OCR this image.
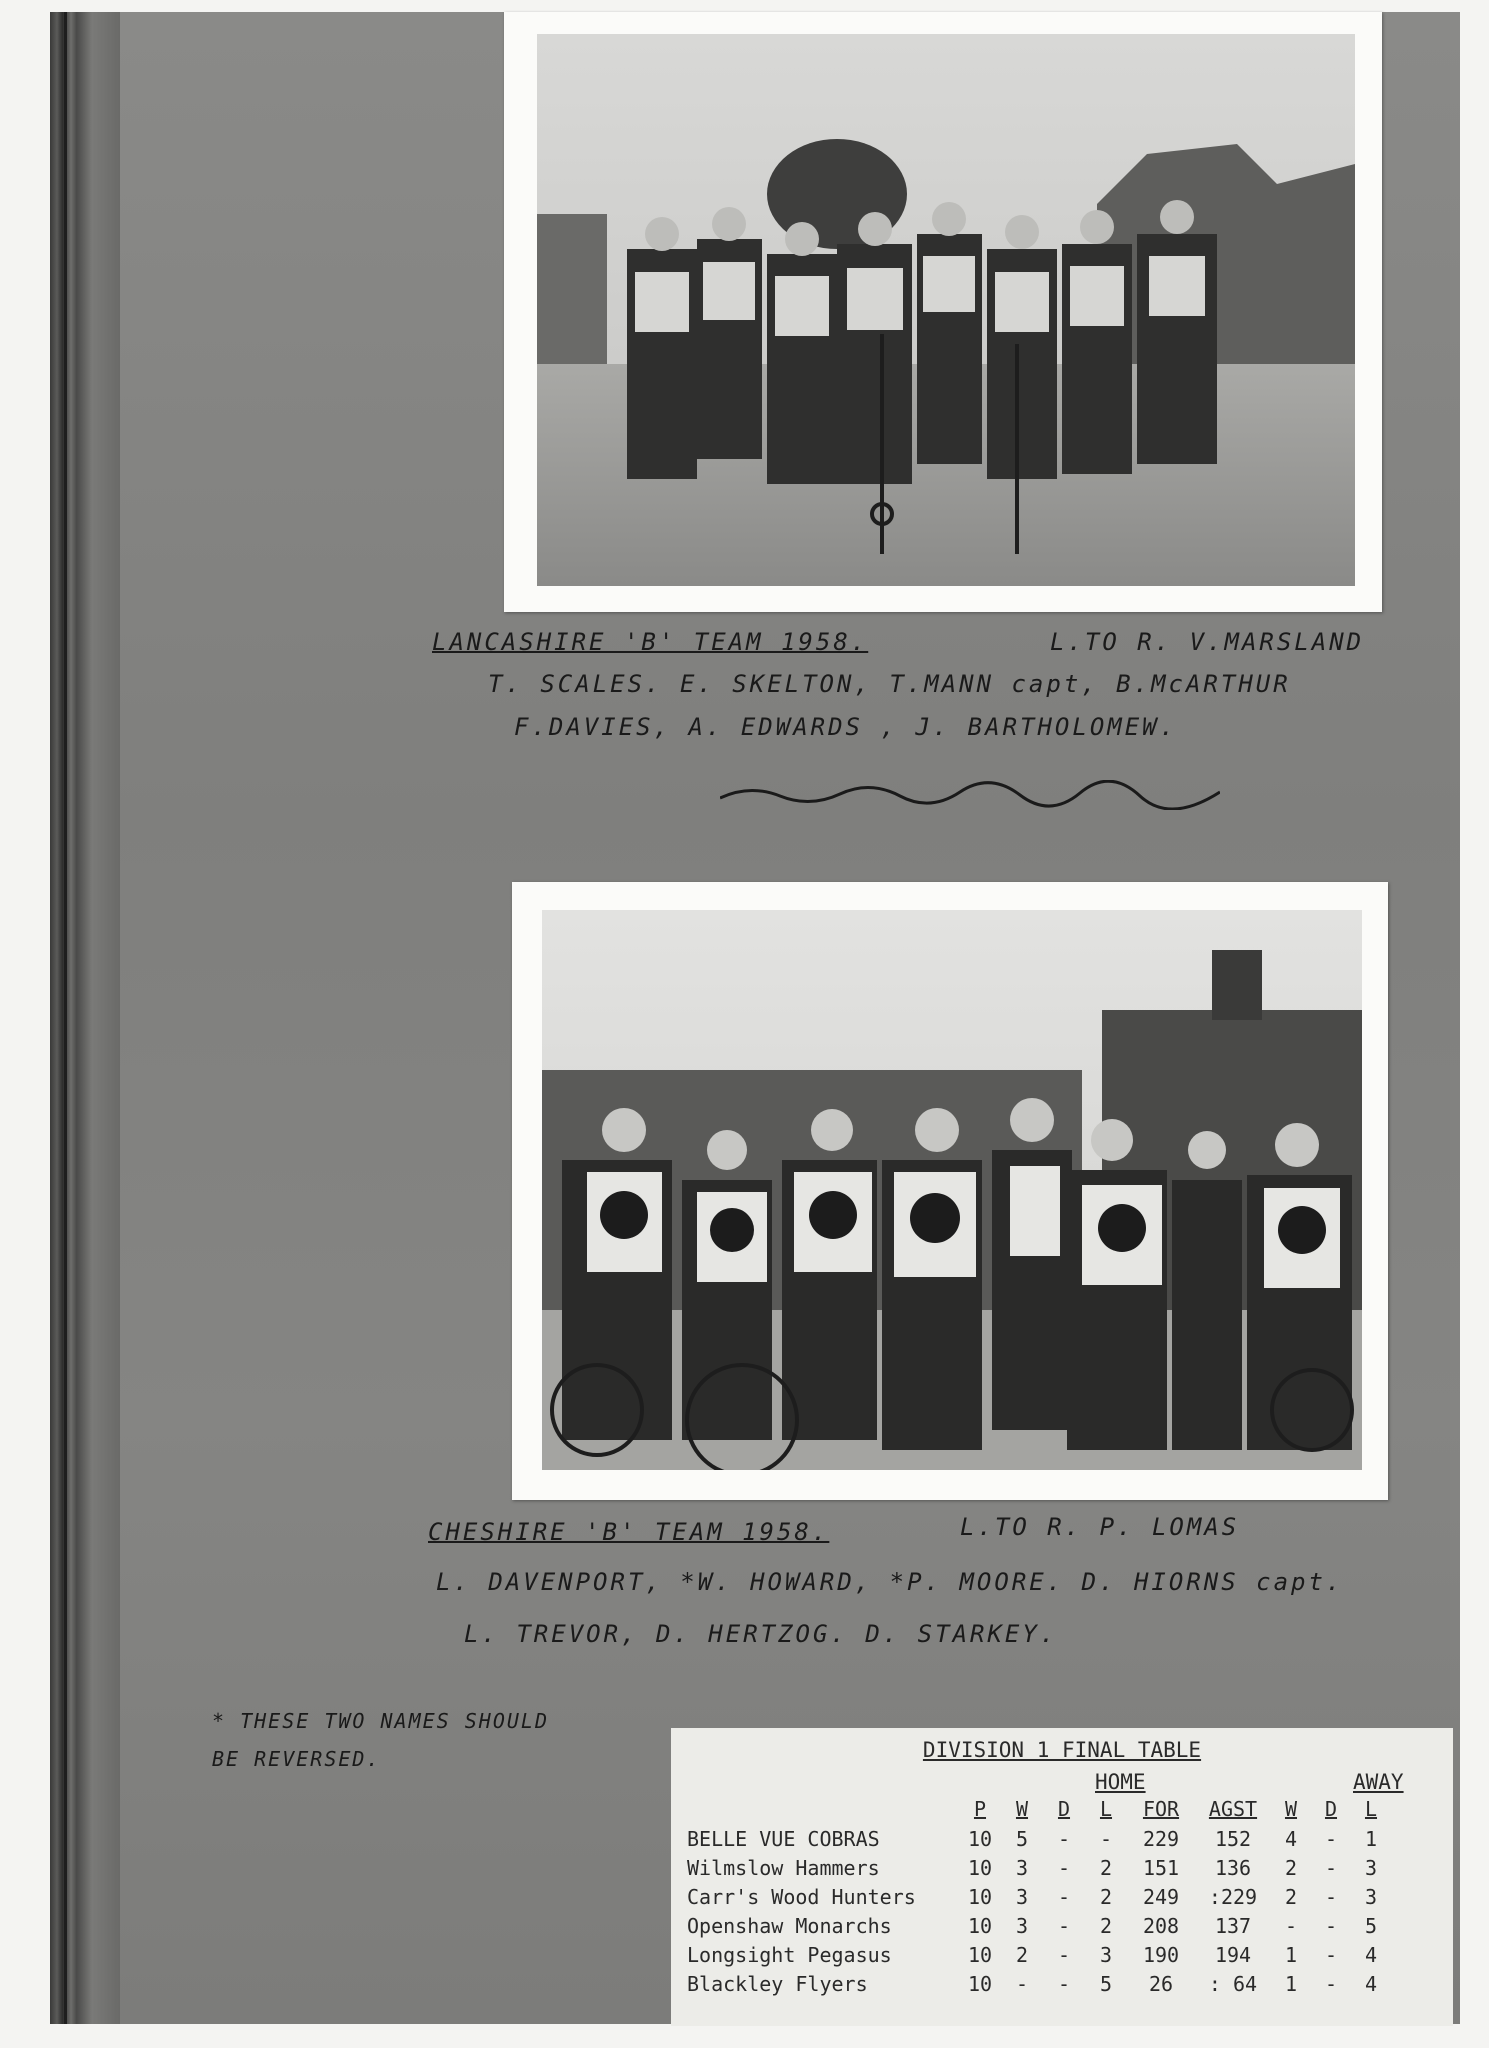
LANCASHIRE 'B' TEAM 1958.	L.TO R. V.MARSLAND
T. SCALES. E. SKELTON, T.MANN capt, B.McARTHUR
F.DAVIES, A. EDWARDS , J. BARTHOLOMEW.
CHESHIRE 'B' TEAM 1958.	L.TO R. P. LOMAS
L. DAVENPORT, *W. HOWARD, *P. MOORE. D. HIORNS capt.
L. TREVOR, D. HERTZOG. D. STARKEY.
* THESE TWO NAMES SHOULD
BE REVERSED.	DIVISION 1 FINAL TABLE
HOME	AWAY
	P	W	D	L	FOR	AGST	W	D	L
BELLE VUE COBRAS	10	5	-	-	229	152	4	-	1
Wilmslow Hammers	10	3	-	2	151	136	2	-	3
Carr's Wood Hunters	10	3	-	2	249	:229	2	-	3
Openshaw Monarchs	10	3	-	2	208	137	-	-	5
Longsight Pegasus	10	2	-	3	190	194	1	-	4
Blackley Flyers	10	-	-	5	26	: 64	1	-	4
